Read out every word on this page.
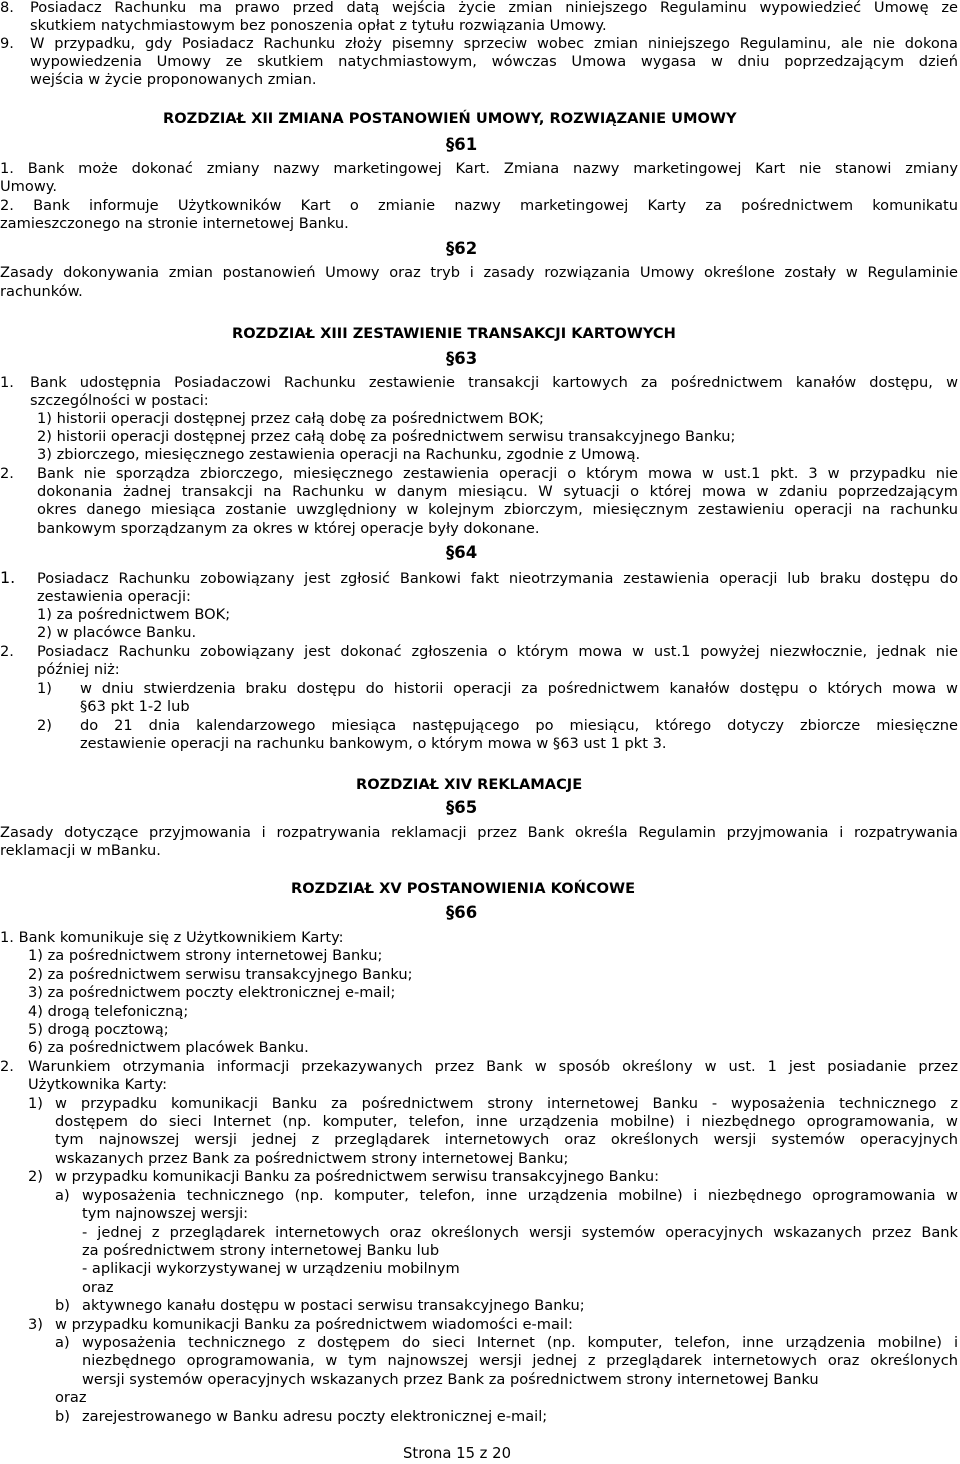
8. Posiadacz Rachunku ma prawo przed datą wejścia życie zmian niniejszego Regulaminu wypowiedzieć Umowę ze
skutkiem natychmiastowym bez ponoszenia opłat z tytułu rozwiązania Umowy.
9. W przypadku, gdy Posiadacz Rachunku złoży pisemny sprzeciw wobec zmian niniejszego Regulaminu, ale nie dokona
wypowiedzenia Umowy ze skutkiem natychmiastowym, wówczas Umowa wygasa w dniu poprzedzającym dzień
wejścia w życie proponowanych zmian.
ROZDZIAŁ XII ZMIANA POSTANOWIEŃ UMOWY, ROZWIĄZANIE UMOWY
§61
1. Bank może dokonać zmiany nazwy marketingowej Kart. Zmiana nazwy marketingowej Kart nie stanowi zmiany
Umowy.
2. Bank informuje Użytkowników Kart o zmianie nazwy marketingowej Karty za pośrednictwem komunikatu
zamieszczonego na stronie internetowej Banku.
§62
Zasady dokonywania zmian postanowień Umowy oraz tryb i zasady rozwiązania Umowy określone zostały w Regulaminie
rachunków.
ROZDZIAŁ XIII ZESTAWIENIE TRANSAKCJI KARTOWYCH
§63
1. Bank udostępnia Posiadaczowi Rachunku zestawienie transakcji kartowych za pośrednictwem kanałów dostępu, w
szczególności w postaci:
1) historii operacji dostępnej przez całą dobę za pośrednictwem BOK;
2) historii operacji dostępnej przez całą dobę za pośrednictwem serwisu transakcyjnego Banku;
3) zbiorczego, miesięcznego zestawienia operacji na Rachunku, zgodnie z Umową.
2. Bank nie sporządza zbiorczego, miesięcznego zestawienia operacji o którym mowa w ust.1 pkt. 3 w przypadku nie
dokonania żadnej transakcji na Rachunku w danym miesiącu. W sytuacji o której mowa w zdaniu poprzedzającym
okres danego miesiąca zostanie uwzględniony w kolejnym zbiorczym, miesięcznym zestawieniu operacji na rachunku
bankowym sporządzanym za okres w której operacje były dokonane.
§64
1. Posiadacz Rachunku zobowiązany jest zgłosić Bankowi fakt nieotrzymania zestawienia operacji lub braku dostępu do
zestawienia operacji:
1) za pośrednictwem BOK;
2) w placówce Banku.
2. Posiadacz Rachunku zobowiązany jest dokonać zgłoszenia o którym mowa w ust.1 powyżej niezwłocznie, jednak nie
później niż:
1) w dniu stwierdzenia braku dostępu do historii operacji za pośrednictwem kanałów dostępu o których mowa w
§63 pkt 1-2 lub
2) do 21 dnia kalendarzowego miesiąca następującego po miesiącu, którego dotyczy zbiorcze miesięczne
zestawienie operacji na rachunku bankowym, o którym mowa w §63 ust 1 pkt 3.
ROZDZIAŁ XIV REKLAMACJE
§65
Zasady dotyczące przyjmowania i rozpatrywania reklamacji przez Bank określa Regulamin przyjmowania i rozpatrywania
reklamacji w mBanku.
ROZDZIAŁ XV POSTANOWIENIA KOŃCOWE
§66
1. Bank komunikuje się z Użytkownikiem Karty:
1) za pośrednictwem strony internetowej Banku;
2) za pośrednictwem serwisu transakcyjnego Banku;
3) za pośrednictwem poczty elektronicznej e-mail;
4) drogą telefoniczną;
5) drogą pocztową;
6) za pośrednictwem placówek Banku.
2. Warunkiem otrzymania informacji przekazywanych przez Bank w sposób określony w ust. 1 jest posiadanie przez
Użytkownika Karty:
1) w przypadku komunikacji Banku za pośrednictwem strony internetowej Banku - wyposażenia technicznego z
dostępem do sieci Internet (np. komputer, telefon, inne urządzenia mobilne) i niezbędnego oprogramowania, w
tym najnowszej wersji jednej z przeglądarek internetowych oraz określonych wersji systemów operacyjnych
wskazanych przez Bank za pośrednictwem strony internetowej Banku;
2) w przypadku komunikacji Banku za pośrednictwem serwisu transakcyjnego Banku:
a) wyposażenia technicznego (np. komputer, telefon, inne urządzenia mobilne) i niezbędnego oprogramowania w
tym najnowszej wersji:
- jednej z przeglądarek internetowych oraz określonych wersji systemów operacyjnych wskazanych przez Bank
za pośrednictwem strony internetowej Banku lub
- aplikacji wykorzystywanej w urządzeniu mobilnym
oraz
b) aktywnego kanału dostępu w postaci serwisu transakcyjnego Banku;
3) w przypadku komunikacji Banku za pośrednictwem wiadomości e-mail:
a) wyposażenia technicznego z dostępem do sieci Internet (np. komputer, telefon, inne urządzenia mobilne) i
niezbędnego oprogramowania, w tym najnowszej wersji jednej z przeglądarek internetowych oraz określonych
wersji systemów operacyjnych wskazanych przez Bank za pośrednictwem strony internetowej Banku
oraz
b) zarejestrowanego w Banku adresu poczty elektronicznej e-mail;
Strona 15 z 20
